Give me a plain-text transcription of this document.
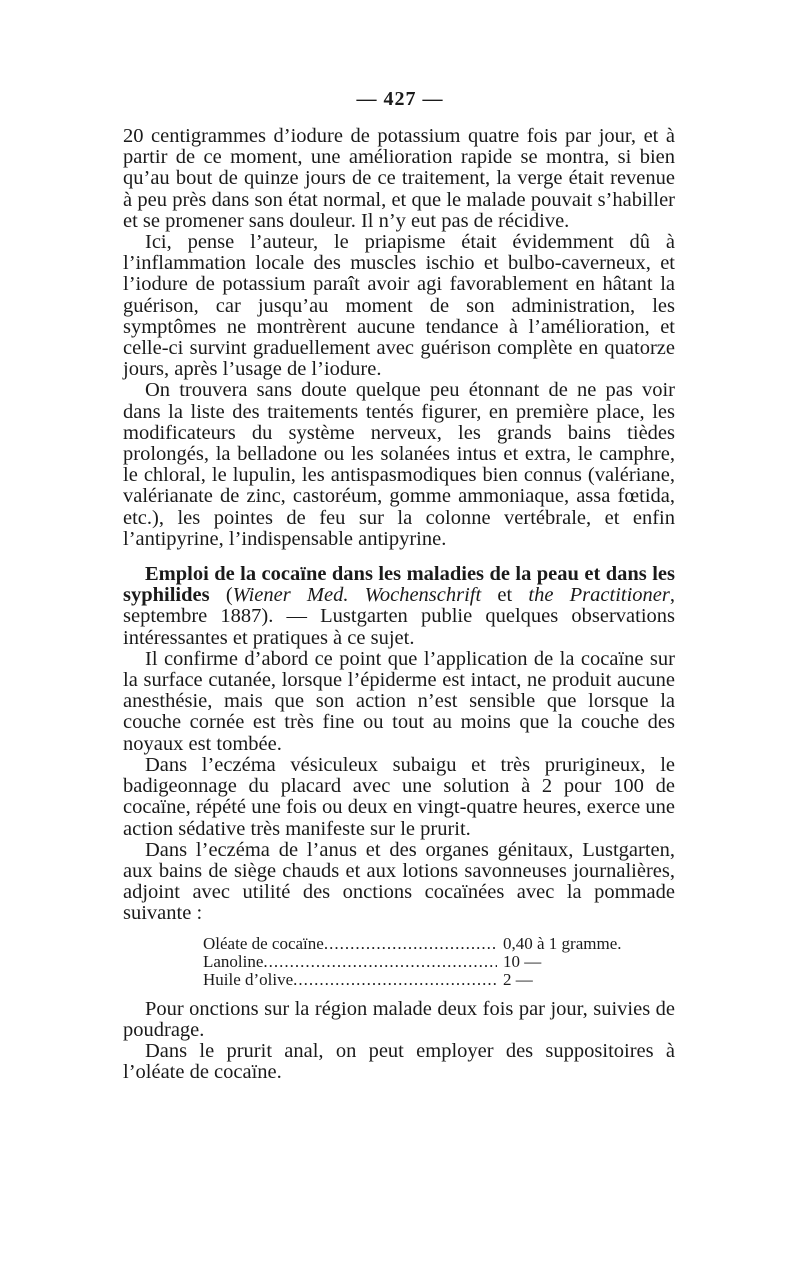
— 427 —

20 centigrammes d’iodure de potassium quatre fois par jour, et à partir de ce moment, une amélioration rapide se montra, si bien qu’au bout de quinze jours de ce traitement, la verge était revenue à peu près dans son état normal, et que le malade pouvait s’habiller et se promener sans douleur. Il n’y eut pas de récidive.

Ici, pense l’auteur, le priapisme était évidemment dû à l’inflammation locale des muscles ischio et bulbo-caverneux, et l’iodure de potassium paraît avoir agi favorablement en hâtant la guérison, car jusqu’au moment de son administration, les symptômes ne montrèrent aucune tendance à l’amélioration, et celle-ci survint graduellement avec guérison complète en quatorze jours, après l’usage de l’iodure.

On trouvera sans doute quelque peu étonnant de ne pas voir dans la liste des traitements tentés figurer, en première place, les modificateurs du système nerveux, les grands bains tièdes prolongés, la belladone ou les solanées intus et extra, le camphre, le chloral, le lupulin, les antispasmodiques bien connus (valériane, valérianate de zinc, castoréum, gomme ammoniaque, assa fœtida, etc.), les pointes de feu sur la colonne vertébrale, et enfin l’antipyrine, l’indispensable antipyrine.

Emploi de la cocaïne dans les maladies de la peau et dans les syphilides (Wiener Med. Wochenschrift et the Practitioner, septembre 1887). — Lustgarten publie quelques observations intéressantes et pratiques à ce sujet.

Il confirme d’abord ce point que l’application de la cocaïne sur la surface cutanée, lorsque l’épiderme est intact, ne produit aucune anesthésie, mais que son action n’est sensible que lorsque la couche cornée est très fine ou tout au moins que la couche des noyaux est tombée.

Dans l’eczéma vésiculeux subaigu et très prurigineux, le badigeonnage du placard avec une solution à 2 pour 100 de cocaïne, répété une fois ou deux en vingt-quatre heures, exerce une action sédative très manifeste sur le prurit.

Dans l’eczéma de l’anus et des organes génitaux, Lustgarten, aux bains de siège chauds et aux lotions savonneuses journalières, adjoint avec utilité des onctions cocaïnées avec la pommade suivante :

Oléate de cocaïne .....	0,40 à 1 gramme.
Lanoline .....	10 —
Huile d’olive .....	2 —

Pour onctions sur la région malade deux fois par jour, suivies de poudrage.

Dans le prurit anal, on peut employer des suppositoires à l’oléate de cocaïne.
